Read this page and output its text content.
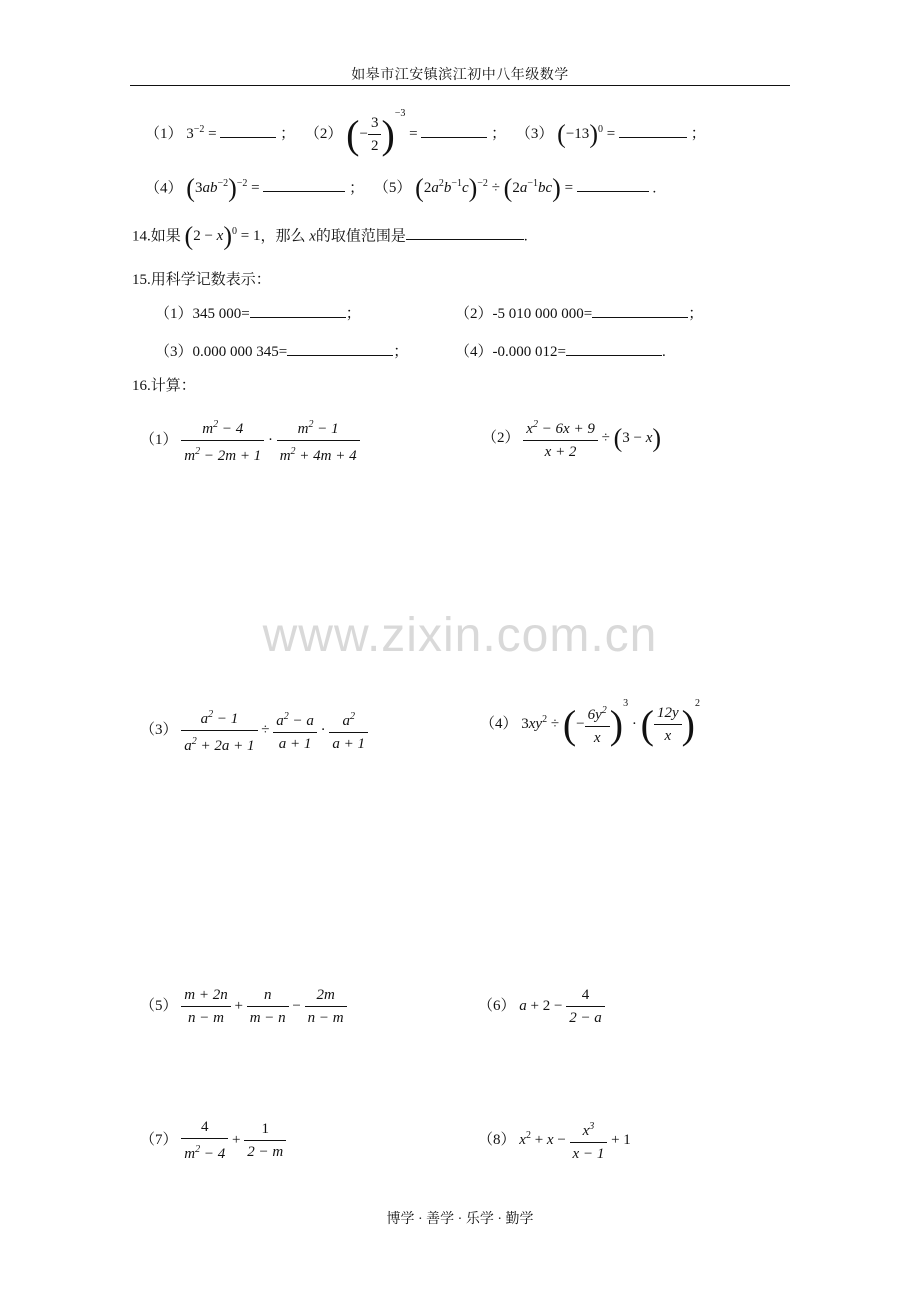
如皋市江安镇滨江初中八年级数学
（1） $3^{-2}$ =	； （2） (− $\frac{3}{2} )^{-3}$ =	； （3） $(-13)^0$ =	；
（4） $(3ab^{-2})^{-2}$ =	； （5） $(2a^2b^{-1}c)^{-2} \div (2a^{-1}bc)$ =	.
14.如果 $(2 - x)^0 = 1$，那么 x的取值范围是	.
15.用科学记数表示：
（1）345 000=	；	（2）-5 010 000 000=	；
（3）0.000 000 345=	；	（4）-0.000 012=	.
16.计算：
$(1) \frac{m^2 - 4}{m^2 - 2m + 1} \cdot \frac{m^2 - 1}{m^2 + 4m + 4}$	$(2) \frac{x^2 - 6x + 9}{x + 2} \div (3 - x)$
www.zixin.com.cn
$(3) \frac{a^2 - 1}{a^2 + 2a + 1} \div \frac{a^2 - a}{a + 1} \cdot \frac{a^2}{a + 1}$	（4） $3xy^2$ ÷ (− $\frac{6y^2}{x} )^3$ · ( $\frac{12y}{x} )^2$
$(5) \frac{m + 2n}{n - m} + \frac{n}{m - n} - \frac{2m}{n - m}$	（6） $a + 2 - \frac{4}{2 - a}$
$(7) \frac{4}{m^2 - 4} + \frac{1}{2 - m}$	（8） $x^2 + x - \frac{x^3}{x - 1} + 1$
博学 · 善学 · 乐学 · 勤学
